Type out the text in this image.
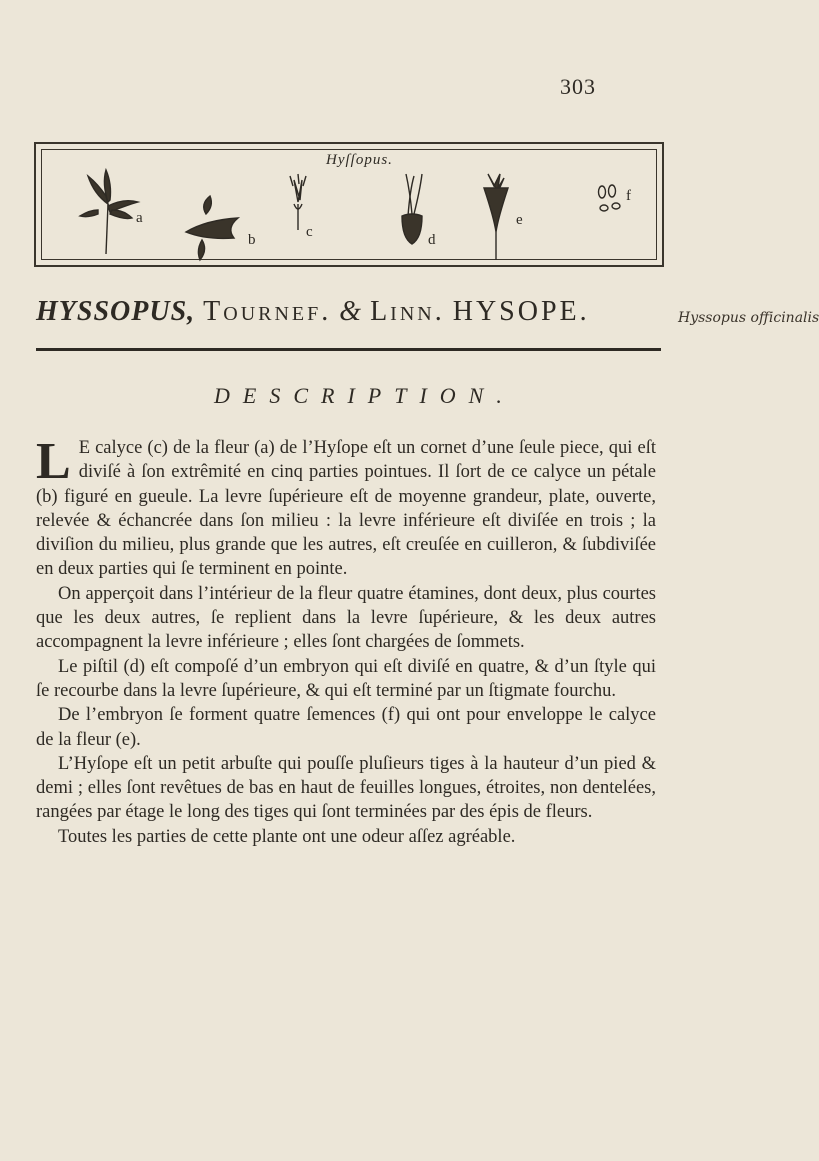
303
Hyſſopus.
a
b	c	d
e
f
HYSSOPUS, Tournef. & Linn. HYSOPE.	Hyssopus officinalis
DESCRIPTION.

L E calyce (c) de la fleur (a) de l’Hyſope eſt un cornet d’une ſeule piece, qui eſt diviſé à ſon extrêmité en cinq parties pointues. Il ſort de ce calyce un pétale (b) figuré en gueule. La levre ſupérieure eſt de moyenne grandeur, plate, ouverte, relevée & échancrée dans ſon milieu : la levre inférieure eſt diviſée en trois ; la diviſion du milieu, plus grande que les autres, eſt creuſée en cuilleron, & ſubdiviſée en deux parties qui ſe terminent en pointe.

On apperçoit dans l’intérieur de la fleur quatre étamines, dont deux, plus courtes que les deux autres, ſe replient dans la levre ſupérieure, & les deux autres accompagnent la levre inférieure ; elles ſont chargées de ſommets.

Le piſtil (d) eſt compoſé d’un embryon qui eſt diviſé en quatre, & d’un ſtyle qui ſe recourbe dans la levre ſupérieure, & qui eſt terminé par un ſtigmate fourchu.

De l’embryon ſe forment quatre ſemences (f) qui ont pour enveloppe le calyce de la fleur (e).

L’Hyſope eſt un petit arbuſte qui pouſſe pluſieurs tiges à la hauteur d’un pied & demi ; elles ſont revêtues de bas en haut de feuilles longues, étroites, non dentelées, rangées par étage le long des tiges qui ſont terminées par des épis de fleurs.

Toutes les parties de cette plante ont une odeur aſſez agréable.
